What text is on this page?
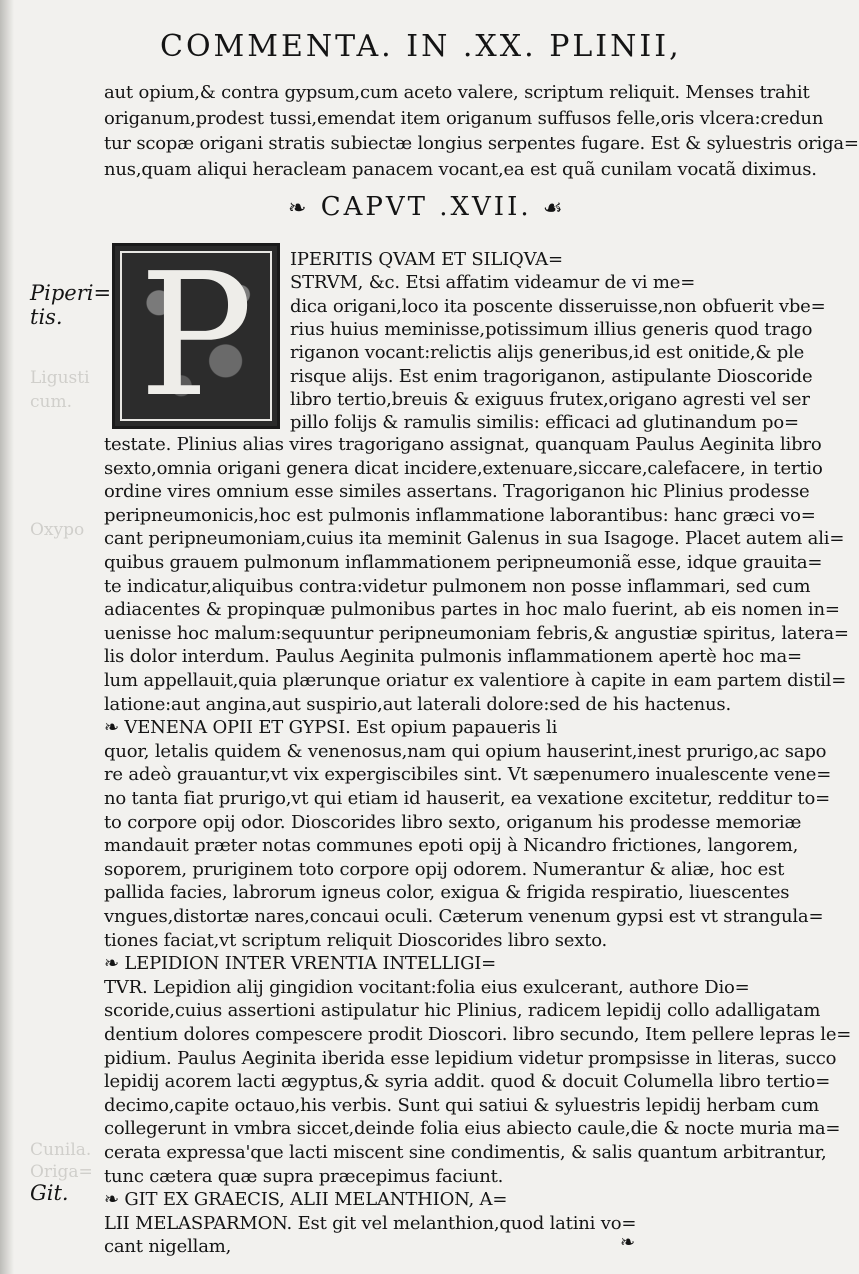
Ligusti
cum.
Oxypo
Cunila.
Origa=
COMMENTA. IN .XX. PLINII,
aut opium,& contra gypsum,cum aceto valere, scriptum reliquit. Menses trahit
origanum,prodest tussi,emendat item origanum suffusos felle,oris vlcera:credun
tur scopæ origani stratis subiectæ longius serpentes fugare. Est & syluestris origa=
nus,quam aliqui heracleam panacem vocant,ea est quã cunilam vocatã diximus.
❧ CAPVT .XVII. ☙
P
Piperi=
tis.
Git.
IPERITIS QVAM ET SILIQVA=
STRVM, &c. Etsi affatim videamur de vi me=
dica origani,loco ita poscente disseruisse,non obfuerit vbe=
rius huius meminisse,potissimum illius generis quod trago
riganon vocant:relictis alijs generibus,id est onitide,& ple
risque alijs. Est enim tragoriganon, astipulante Dioscoride
libro tertio,breuis & exiguus frutex,origano agresti vel ser
pillo folijs & ramulis similis: efficaci ad glutinandum po=
testate. Plinius alias vires tragorigano assignat, quanquam Paulus Aeginita libro
sexto,omnia origani genera dicat incidere,extenuare,siccare,calefacere, in tertio
ordine vires omnium esse similes assertans. Tragoriganon hic Plinius prodesse
peripneumonicis,hoc est pulmonis inflammatione laborantibus: hanc græci vo=
cant peripneumoniam,cuius ita meminit Galenus in sua Isagoge. Placet autem ali=
quibus grauem pulmonum inflammationem peripneumoniã esse, idque grauita=
te indicatur,aliquibus contra:videtur pulmonem non posse inflammari, sed cum
adiacentes & propinquæ pulmonibus partes in hoc malo fuerint, ab eis nomen in=
uenisse hoc malum:sequuntur peripneumoniam febris,& angustiæ spiritus, latera=
lis dolor interdum. Paulus Aeginita pulmonis inflammationem apertè hoc ma=
lum appellauit,quia plærunque oriatur ex valentiore à capite in eam partem distil=
latione:aut angina,aut suspirio,aut laterali dolore:sed de his hactenus.
❧ VENENA OPII ET GYPSI. Est opium papaueris li
quor, letalis quidem & venenosus,nam qui opium hauserint,inest prurigo,ac sapo
re adeò grauantur,vt vix expergiscibiles sint. Vt sæpenumero inualescente vene=
no tanta fiat prurigo,vt qui etiam id hauserit, ea vexatione excitetur, redditur to=
to corpore opij odor. Dioscorides libro sexto, origanum his prodesse memoriæ
mandauit præter notas communes epoti opij à Nicandro frictiones, langorem,
soporem, pruriginem toto corpore opij odorem. Numerantur & aliæ, hoc est
pallida facies, labrorum igneus color, exigua & frigida respiratio, liuescentes
vngues,distortæ nares,concaui oculi. Cæterum venenum gypsi est vt strangula=
tiones faciat,vt scriptum reliquit Dioscorides libro sexto.
❧ LEPIDION INTER VRENTIA INTELLIGI=
TVR. Lepidion alij gingidion vocitant:folia eius exulcerant, authore Dio=
scoride,cuius assertioni astipulatur hic Plinius, radicem lepidij collo adalligatam
dentium dolores compescere prodit Dioscori. libro secundo, Item pellere lepras le=
pidium. Paulus Aeginita iberida esse lepidium videtur prompsisse in literas, succo
lepidij acorem lacti ægyptus,& syria addit. quod & docuit Columella libro tertio=
decimo,capite octauo,his verbis. Sunt qui satiui & syluestris lepidij herbam cum
collegerunt in vmbra siccet,deinde folia eius abiecto caule,die & nocte muria ma=
cerata expressa'que lacti miscent sine condimentis, & salis quantum arbitrantur,
tunc cætera quæ supra præcepimus faciunt.
❧ GIT EX GRAECIS, ALII MELANTHION, A=
LII MELASPARMON. Est git vel melanthion,quod latini vo=
cant nigellam,	❧
